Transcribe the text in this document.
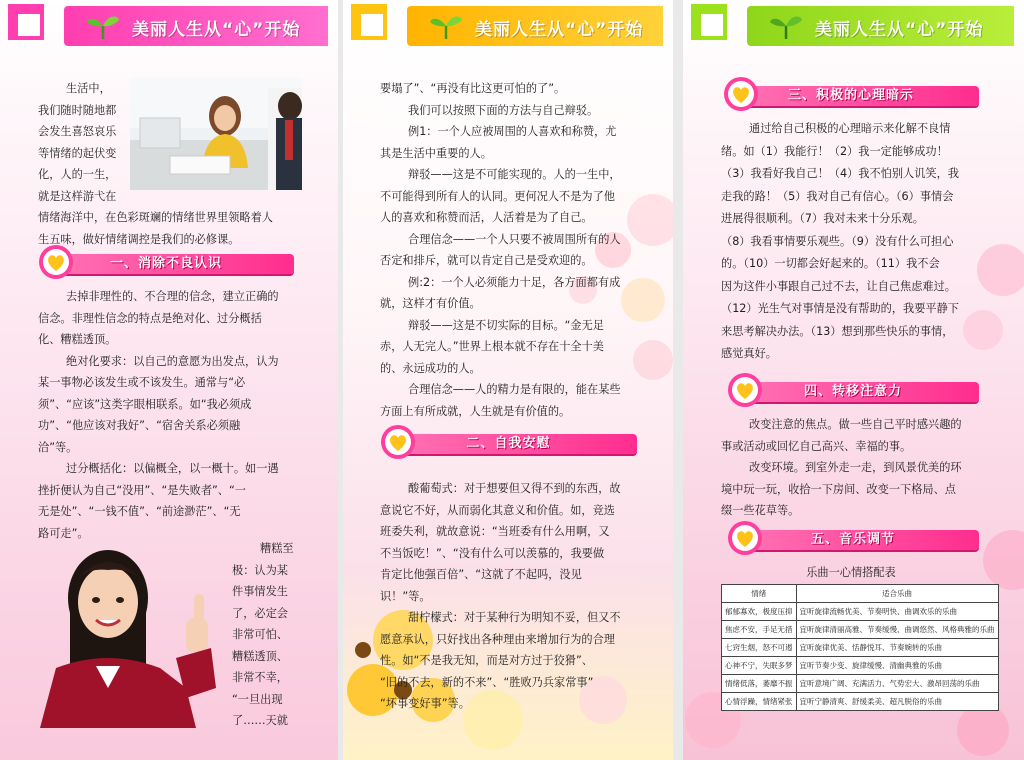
美丽人生从“心”开始

生活中，

我们随时随地都

会发生喜怒哀乐

等情绪的起伏变

化，人的一生，

就是这样游弋在

情绪海洋中，在色彩斑斓的情绪世界里领略着人

生五味，做好情绪调控是我们的必修课。

一、消除不良认识

去掉非理性的、不合理的信念，建立正确的

信念。非理性信念的特点是绝对化、过分概括

化、糟糕透顶。

绝对化要求：以自己的意愿为出发点，认为

某一事物必该发生或不该发生。通常与“必

须”、“应该”这类字眼相联系。如“我必须成

功”、“他应该对我好”、“宿舍关系必须融

洽”等。

过分概括化：以偏概全，以一概十。如一遇

挫折便认为自己“没用”、“是失败者”、“一

无是处”、“一钱不值”、“前途渺茫”、“无

路可走”。

糟糕至

极：认为某

件事情发生

了，必定会

非常可怕、

糟糕透顶、

非常不幸，

“一旦出现

了……天就

美丽人生从“心”开始

要塌了”、“再没有比这更可怕的了”。

我们可以按照下面的方法与自己辩驳。

例1：一个人应被周围的人喜欢和称赞，尤

其是生活中重要的人。

辩驳——这是不可能实现的。人的一生中，

不可能得到所有人的认同。更何况人不是为了他

人的喜欢和称赞而活，人活着是为了自己。

合理信念——一个人只要不被周围所有的人

否定和排斥，就可以肯定自己是受欢迎的。

例:2：一个人必须能力十足，各方面都有成

就，这样才有价值。

辩驳——这是不切实际的目标。“金无足

赤，人无完人。”世界上根本就不存在十全十美

的、永远成功的人。

合理信念——人的精力是有限的，能在某些

方面上有所成就，人生就是有价值的。

二、自我安慰

酸葡萄式：对于想要但又得不到的东西，故

意说它不好，从而弱化其意义和价值。如，竞选

班委失利，就故意说：“当班委有什么用啊，又

不当饭吃！”、“没有什么可以羡慕的，我要做

肯定比他强百倍”、“这就了不起吗，没见

识！”等。

甜柠檬式：对于某种行为明知不妥，但又不

愿意承认，只好找出各种理由来增加行为的合理

性。如“不是我无知，而是对方过于狡猾”、

“旧的不去，新的不来”、“胜败乃兵家常事”

“坏事变好事”等。

美丽人生从“心”开始
三、积极的心理暗示

通过给自己积极的心理暗示来化解不良情

绪。如（1）我能行！（2）我一定能够成功！

（3）我看好我自己！（4）我不怕别人讥笑，我

走我的路！（5）我对自己有信心。（6）事情会

进展得很顺利。（7）我对未来十分乐观。

（8）我看事情要乐观些。（9）没有什么可担心

的。（10）一切都会好起来的。（11）我不会

因为这件小事跟自己过不去，让自己焦虑难过。

（12）光生气对事情是没有帮助的，我要平静下

来思考解决办法。（13）想到那些快乐的事情，

感觉真好。

四、转移注意力

改变注意的焦点。做一些自己平时感兴趣的

事或活动或回忆自己高兴、幸福的事。

改变环境。到室外走一走，到风景优美的环

境中玩一玩，收拾一下房间、改变一下格局、点

缀一些花草等。

五、音乐调节
乐曲一心情搭配表
情绪	适合乐曲
郁郁寡欢，极度压抑	宜听旋律流畅优美、节奏明快、曲调欢乐的乐曲
焦虑不安，手足无措	宜听旋律清丽高雅、节奏缓慢、曲调悠然、风格典雅的乐曲
七窍生烟，怒不可遏	宜听旋律优美、恬静悦耳、节奏婉转的乐曲
心神不宁，失眠多梦	宜听节奏少变、旋律缓慢、清幽典雅的乐曲
情绪低落，萎靡不振	宜听意境广阔、充满活力、气势宏大、激昂回荡的乐曲
心情浮躁，情绪紧张	宜听宁静清爽、舒缓柔美、超凡脱俗的乐曲
